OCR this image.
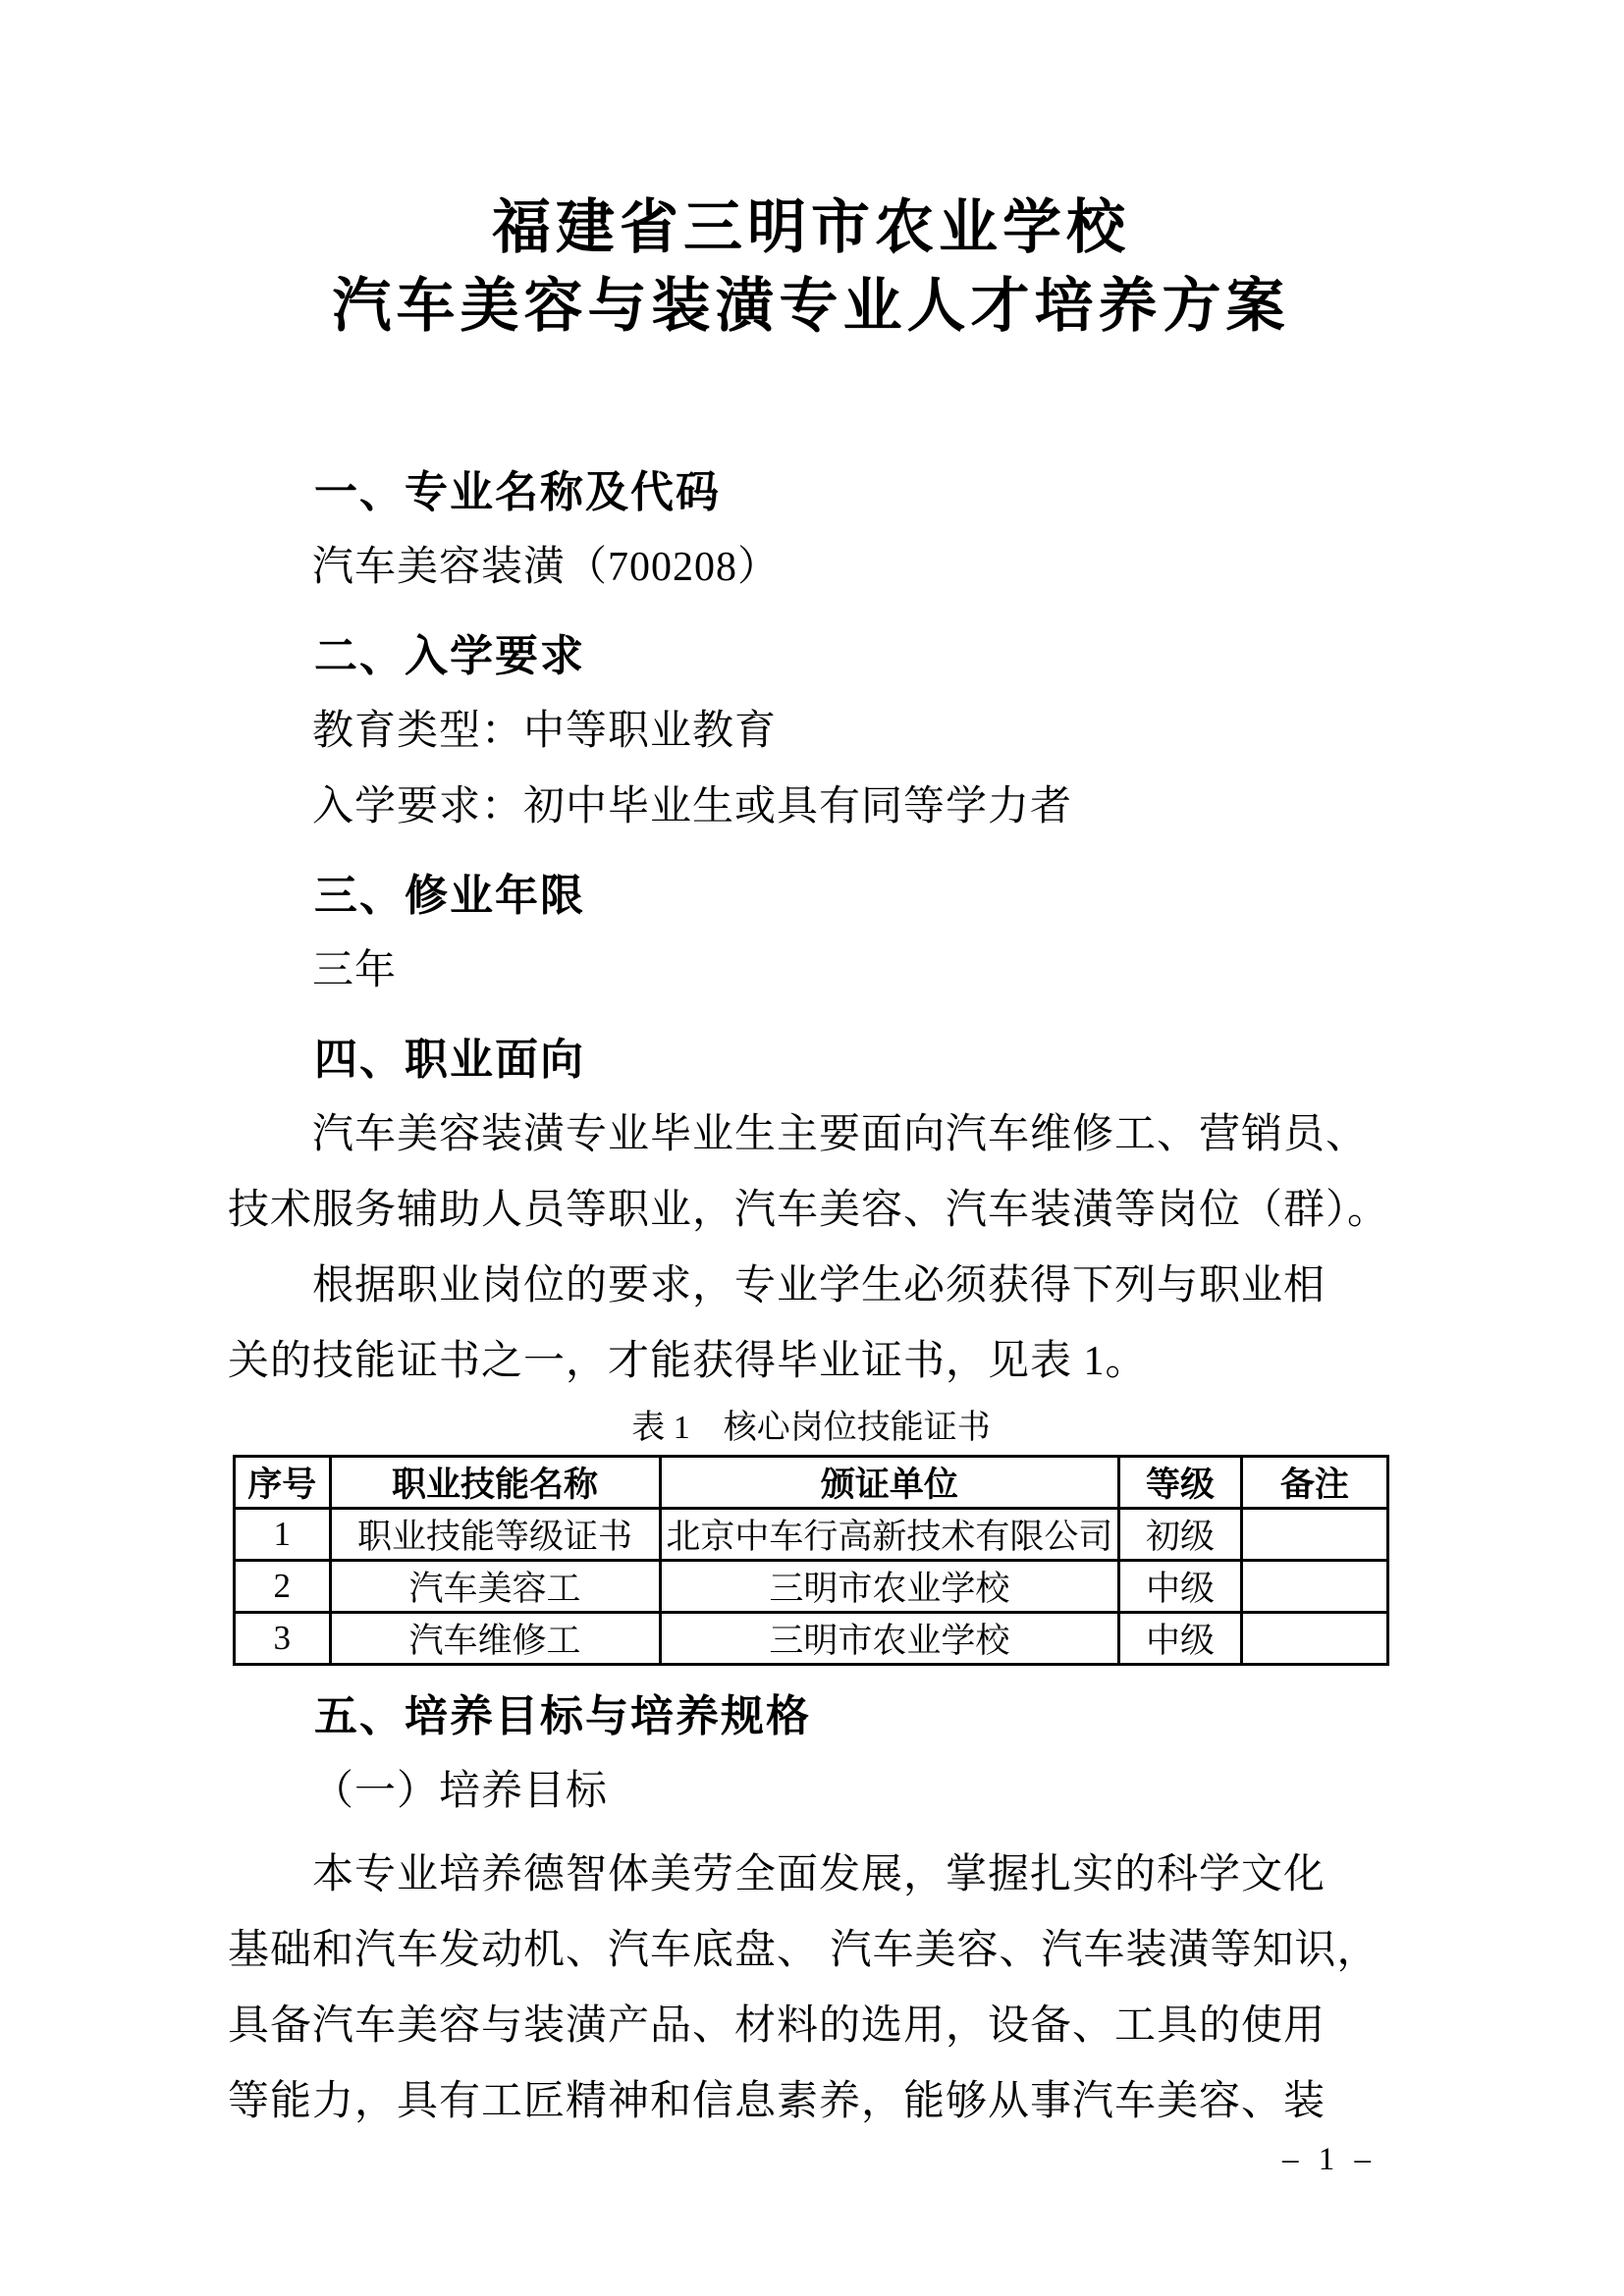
福建省三明市农业学校
汽车美容与装潢专业人才培养方案
一、专业名称及代码
汽车美容装潢（700208）
二、入学要求
教育类型：中等职业教育
入学要求：初中毕业生或具有同等学力者
三、修业年限
三年
四、职业面向
汽车美容装潢专业毕业生主要面向汽车维修工、营销员、
技术服务辅助人员等职业，汽车美容、汽车装潢等岗位（群）。
根据职业岗位的要求，专业学生必须获得下列与职业相
关的技能证书之一，才能获得毕业证书，见表 1。
表 1　核心岗位技能证书
序号	职业技能名称	颁证单位	等级	备注
1	职业技能等级证书	北京中车行高新技术有限公司	初级	
2	汽车美容工	三明市农业学校	中级	
3	汽车维修工	三明市农业学校	中级	
五、培养目标与培养规格
（一）培养目标
本专业培养德智体美劳全面发展，掌握扎实的科学文化
基础和汽车发动机、汽车底盘、 汽车美容、汽车装潢等知识，
具备汽车美容与装潢产品、材料的选用，设备、工具的使用
等能力，具有工匠精神和信息素养，能够从事汽车美容、装
– 1 –
